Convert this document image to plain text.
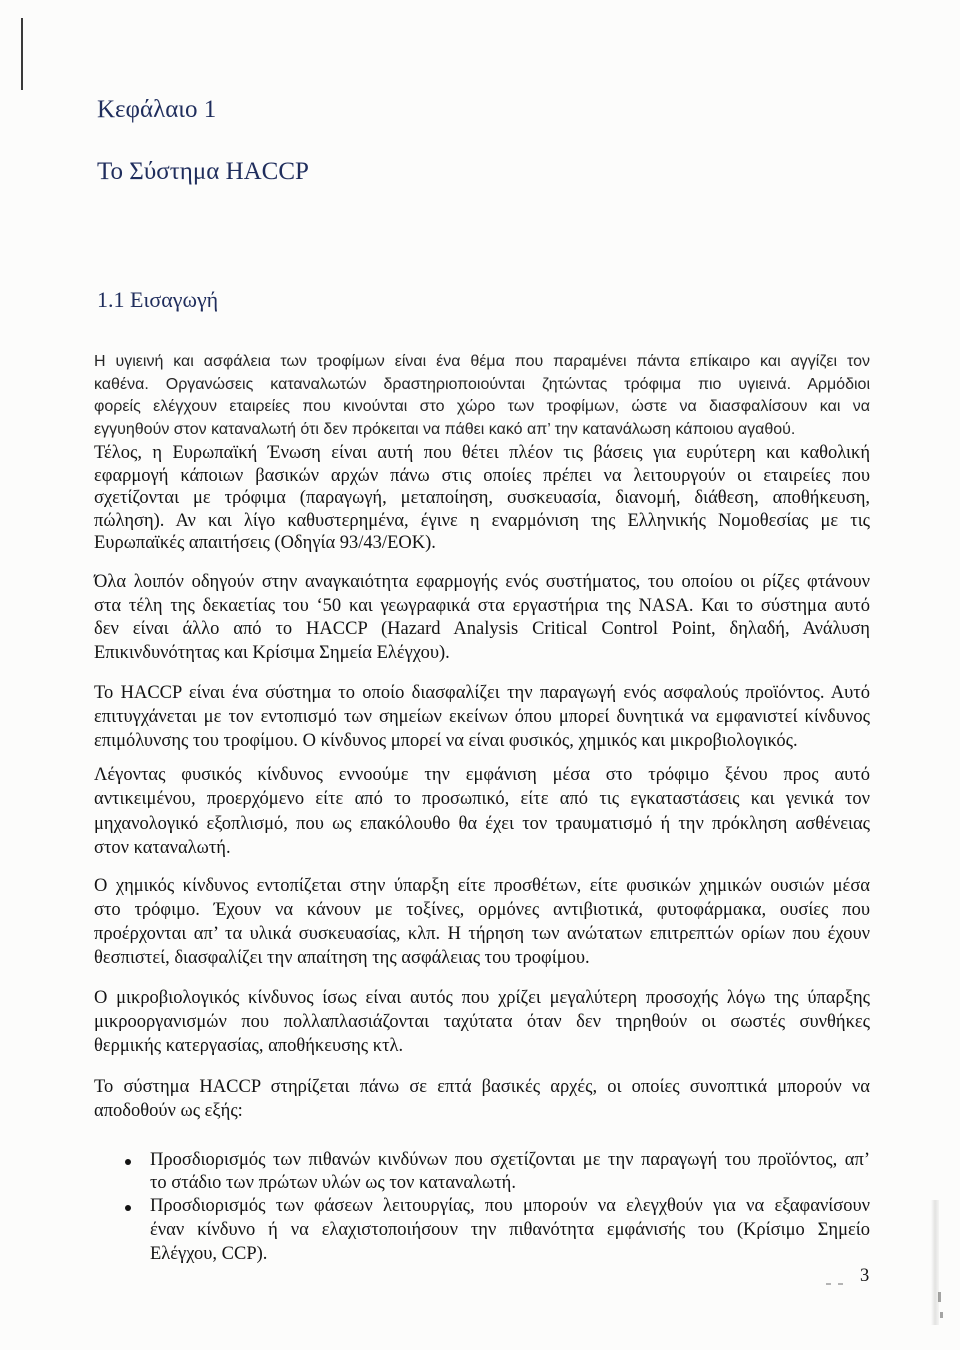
Κεφάλαιο 1
Το Σύστημα HACCP
1.1 Εισαγωγή
Η υγιεινή και ασφάλεια των τροφίμων είναι ένα θέμα που παραμένει πάντα επίκαιρο και αγγίζει τον
καθένα. Οργανώσεις καταναλωτών δραστηριοποιούνται ζητώντας τρόφιμα πιο υγιεινά. Αρμόδιοι
φορείς ελέγχουν εταιρείες που κινούνται στο χώρο των τροφίμων, ώστε να διασφαλίσουν και να
εγγυηθούν στον καταναλωτή ότι δεν πρόκειται να πάθει κακό απ’ την κατανάλωση κάποιου αγαθού.
Τέλος, η Ευρωπαϊκή Ένωση είναι αυτή που θέτει πλέον τις βάσεις για ευρύτερη και καθολική
εφαρμογή κάποιων βασικών αρχών πάνω στις οποίες πρέπει να λειτουργούν οι εταιρείες που
σχετίζονται με τρόφιμα (παραγωγή, μεταποίηση, συσκευασία, διανομή, διάθεση, αποθήκευση,
πώληση). Αν και λίγο καθυστερημένα, έγινε η εναρμόνιση της Ελληνικής Νομοθεσίας με τις
Ευρωπαϊκές απαιτήσεις (Οδηγία 93/43/ΕΟΚ).
Όλα λοιπόν οδηγούν στην αναγκαιότητα εφαρμογής ενός συστήματος, του οποίου οι ρίζες φτάνουν
στα τέλη της δεκαετίας του ‘50 και γεωγραφικά στα εργαστήρια της NASA. Και το σύστημα αυτό
δεν είναι άλλο από το HACCP (Hazard Analysis Critical Control Point, δηλαδή, Ανάλυση
Επικινδυνότητας και Κρίσιμα Σημεία Ελέγχου).
Το HACCP είναι ένα σύστημα το οποίο διασφαλίζει την παραγωγή ενός ασφαλούς προϊόντος. Αυτό
επιτυγχάνεται με τον εντοπισμό των σημείων εκείνων όπου μπορεί δυνητικά να εμφανιστεί κίνδυνος
επιμόλυνσης του τροφίμου. Ο κίνδυνος μπορεί να είναι φυσικός, χημικός και μικροβιολογικός.
Λέγοντας φυσικός κίνδυνος εννοούμε την εμφάνιση μέσα στο τρόφιμο ξένου προς αυτό
αντικειμένου, προερχόμενο είτε από το προσωπικό, είτε από τις εγκαταστάσεις και γενικά τον
μηχανολογικό εξοπλισμό, που ως επακόλουθο θα έχει τον τραυματισμό ή την πρόκληση ασθένειας
στον καταναλωτή.
Ο χημικός κίνδυνος εντοπίζεται στην ύπαρξη είτε προσθέτων, είτε φυσικών χημικών ουσιών μέσα
στο τρόφιμο. Έχουν να κάνουν με τοξίνες, ορμόνες αντιβιοτικά, φυτοφάρμακα, ουσίες που
προέρχονται απ’ τα υλικά συσκευασίας, κλπ. Η τήρηση των ανώτατων επιτρεπτών ορίων που έχουν
θεσπιστεί, διασφαλίζει την απαίτηση της ασφάλειας του τροφίμου.
Ο μικροβιολογικός κίνδυνος ίσως είναι αυτός που χρίζει μεγαλύτερη προσοχής λόγω της ύπαρξης
μικροοργανισμών που πολλαπλασιάζονται ταχύτατα όταν δεν τηρηθούν οι σωστές συνθήκες
θερμικής κατεργασίας, αποθήκευσης κτλ.
Το σύστημα HACCP στηρίζεται πάνω σε επτά βασικές αρχές, οι οποίες συνοπτικά μπορούν να
αποδοθούν ως εξής:
Προσδιορισμός των πιθανών κινδύνων που σχετίζονται με την παραγωγή του προϊόντος, απ’
το στάδιο των πρώτων υλών ως τον καταναλωτή.
Προσδιορισμός των φάσεων λειτουργίας, που μπορούν να ελεγχθούν για να εξαφανίσουν
έναν κίνδυνο ή να ελαχιστοποιήσουν την πιθανότητα εμφάνισής του (Κρίσιμο Σημείο
Ελέγχου, CCP).
3
